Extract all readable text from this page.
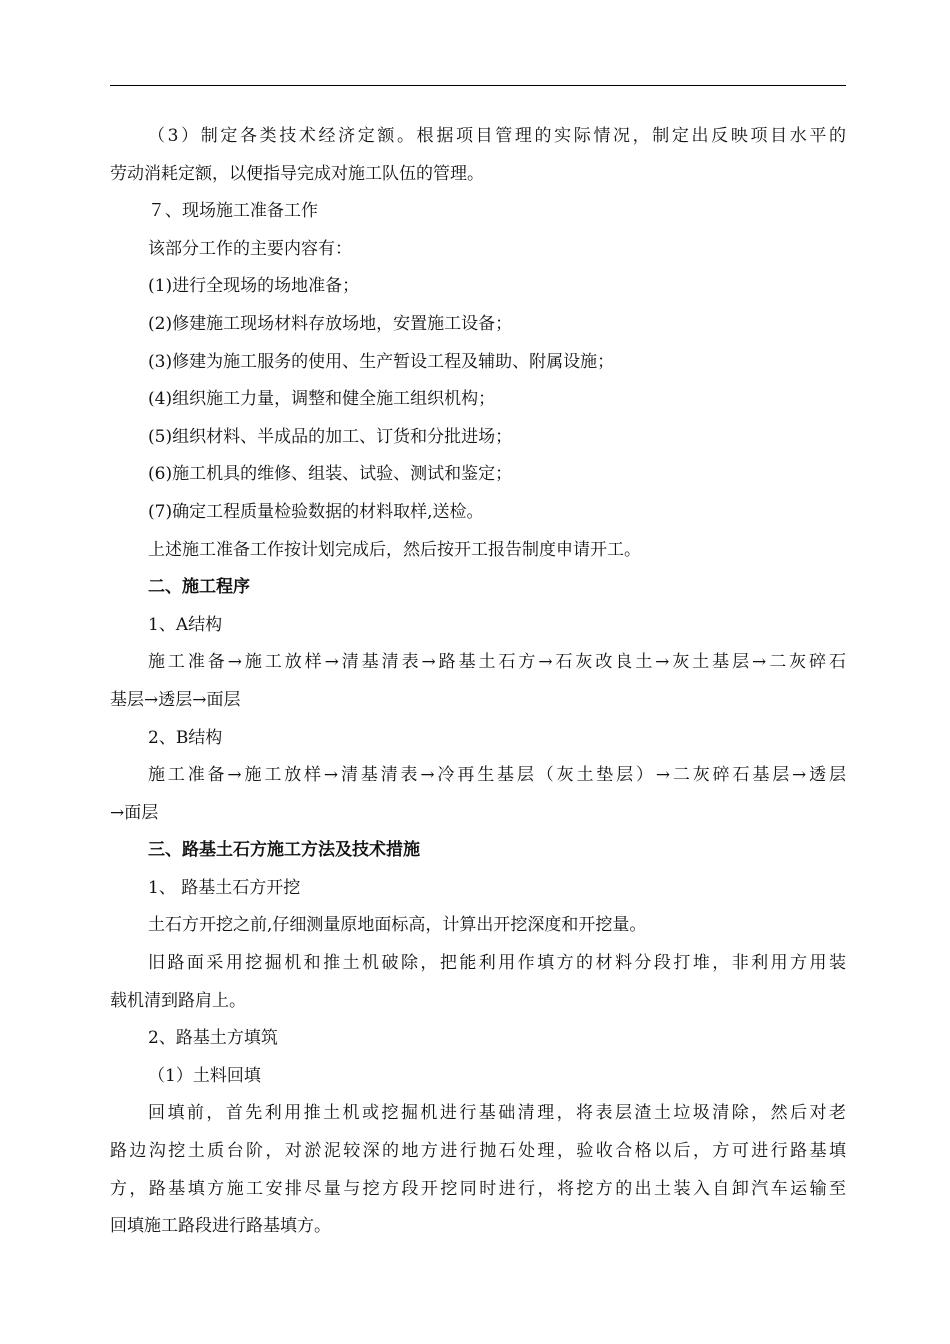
（3）制定各类技术经济定额。根据项目管理的实际情况，制定出反映项目水平的

劳动消耗定额，以便指导完成对施工队伍的管理。

７、现场施工准备工作

该部分工作的主要内容有：

(1)进行全现场的场地准备；

(2)修建施工现场材料存放场地，安置施工设备；

(3)修建为施工服务的使用、生产暂设工程及辅助、附属设施；

(4)组织施工力量，调整和健全施工组织机构；

(5)组织材料、半成品的加工、订货和分批进场；

(6)施工机具的维修、组装、试验、测试和鉴定；

(7)确定工程质量检验数据的材料取样,送检。

上述施工准备工作按计划完成后，然后按开工报告制度申请开工。

二、施工程序

1、A结构

施工准备→施工放样→清基清表→路基土石方→石灰改良土→灰土基层→二灰碎石

基层→透层→面层

2、B结构

施工准备→施工放样→清基清表→冷再生基层（灰土垫层）→二灰碎石基层→透层

→面层

三、路基土石方施工方法及技术措施

1、 路基土石方开挖

土石方开挖之前,仔细测量原地面标高，计算出开挖深度和开挖量。

旧路面采用挖掘机和推土机破除，把能利用作填方的材料分段打堆，非利用方用装

载机清到路肩上。

2、路基土方填筑

（1）土料回填

回填前，首先利用推土机或挖掘机进行基础清理，将表层渣土垃圾清除，然后对老

路边沟挖土质台阶，对淤泥较深的地方进行抛石处理，验收合格以后，方可进行路基填

方，路基填方施工安排尽量与挖方段开挖同时进行，将挖方的出土装入自卸汽车运输至

回填施工路段进行路基填方。
